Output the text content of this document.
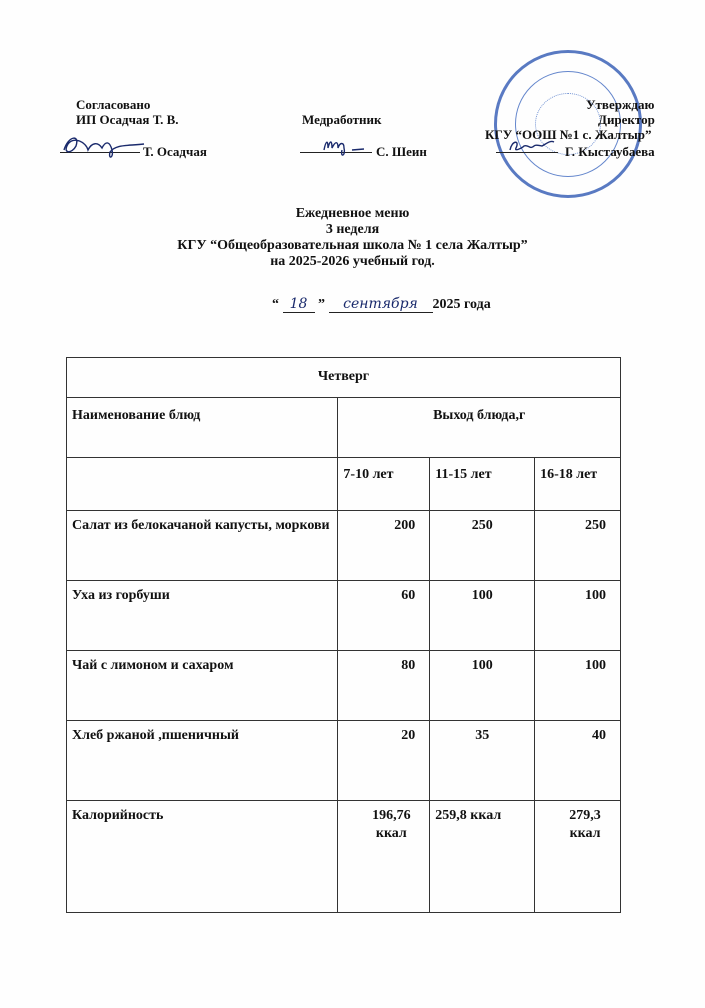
Согласовано
ИП Осадчая Т. В.
Т. Осадчая
Медработник
С. Шеин
Утверждаю
Директор
КГУ “ООШ №1 с. Жалтыр”
Г. Кыстаубаева
Ежедневное меню
3 неделя
КГУ “Общеобразовательная школа № 1 села Жалтыр”
на 2025-2026 учебный год.
“ 18 ” сентября 2025 года
Четверг			
Наименование блюд	Выход блюда,г		
	7-10 лет	11-15 лет	16-18 лет
Салат из белокачаной капусты, моркови	200	250	250
Уха из горбуши	60	100	100
Чай с лимоном и сахаром	80	100	100
Хлеб ржаной ,пшеничный	20	35	40
Калорийность	196,76 ккал	259,8 ккал	279,3 ккал
